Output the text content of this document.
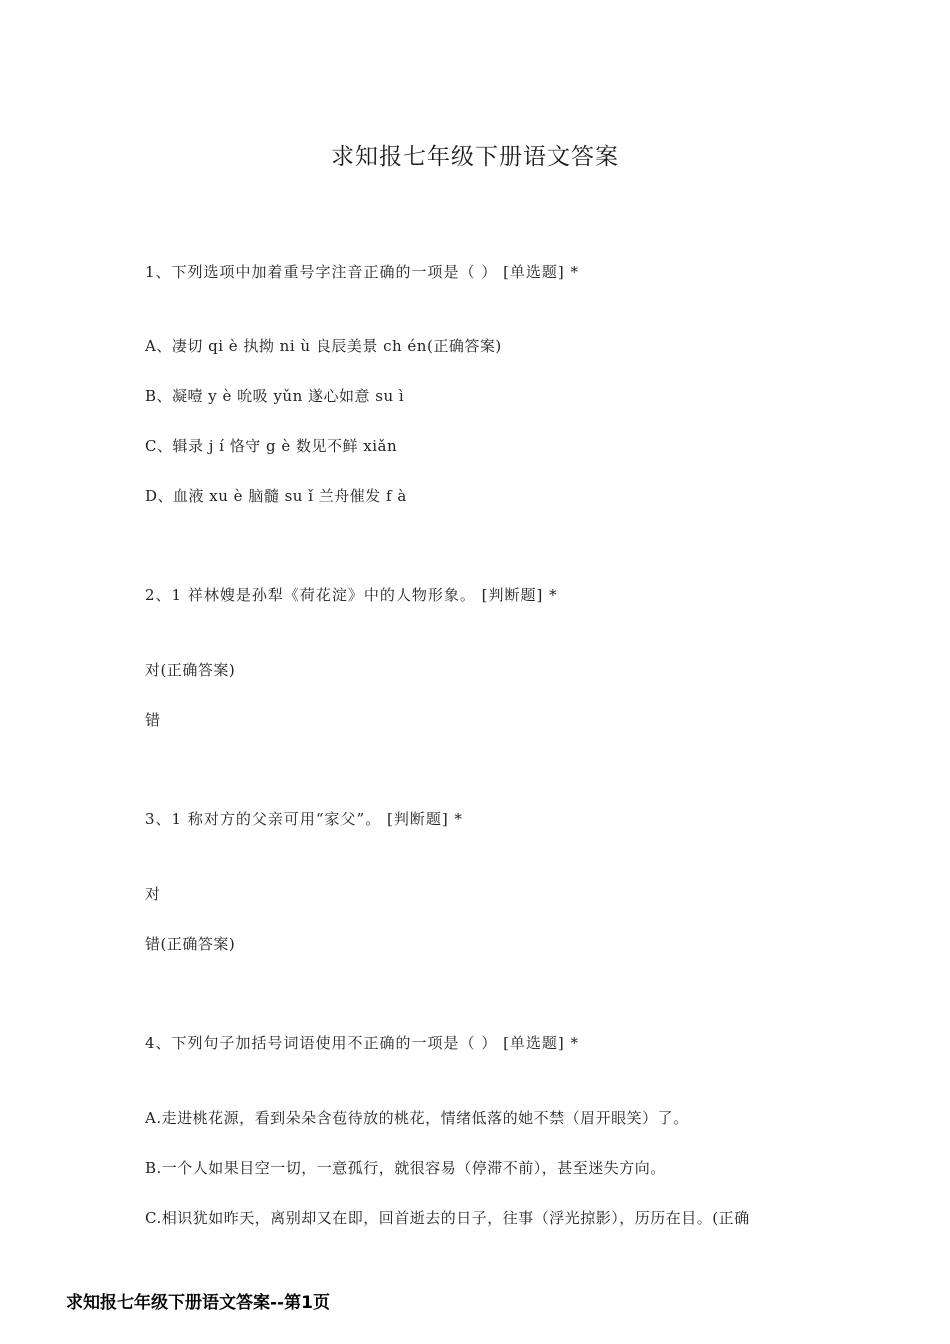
求知报七年级下册语文答案
1、下列选项中加着重号字注音正确的一项是（ ） [单选题] *
A、凄切 qi è 执拗 ni ù 良辰美景 ch én(正确答案)
B、凝噎 y è 吮吸 yǔn 遂心如意 su ì
C、辑录 j í 恪守 g è 数见不鲜 xiǎn
D、血液 xu è 脑髓 su ǐ 兰舟催发 f à
2、1 祥林嫂是孙犁《荷花淀》中的人物形象。 [判断题] *
对(正确答案)
错
3、1 称对方的父亲可用“家父”。 [判断题] *
对
错(正确答案)
4、下列句子加括号词语使用不正确的一项是（ ） [单选题] *
A.走进桃花源，看到朵朵含苞待放的桃花，情绪低落的她不禁（眉开眼笑）了。
B.一个人如果目空一切，一意孤行，就很容易（停滞不前），甚至迷失方向。
C.相识犹如昨天，离别却又在即，回首逝去的日子，往事（浮光掠影），历历在目。(正确
求知报七年级下册语文答案--第1页
